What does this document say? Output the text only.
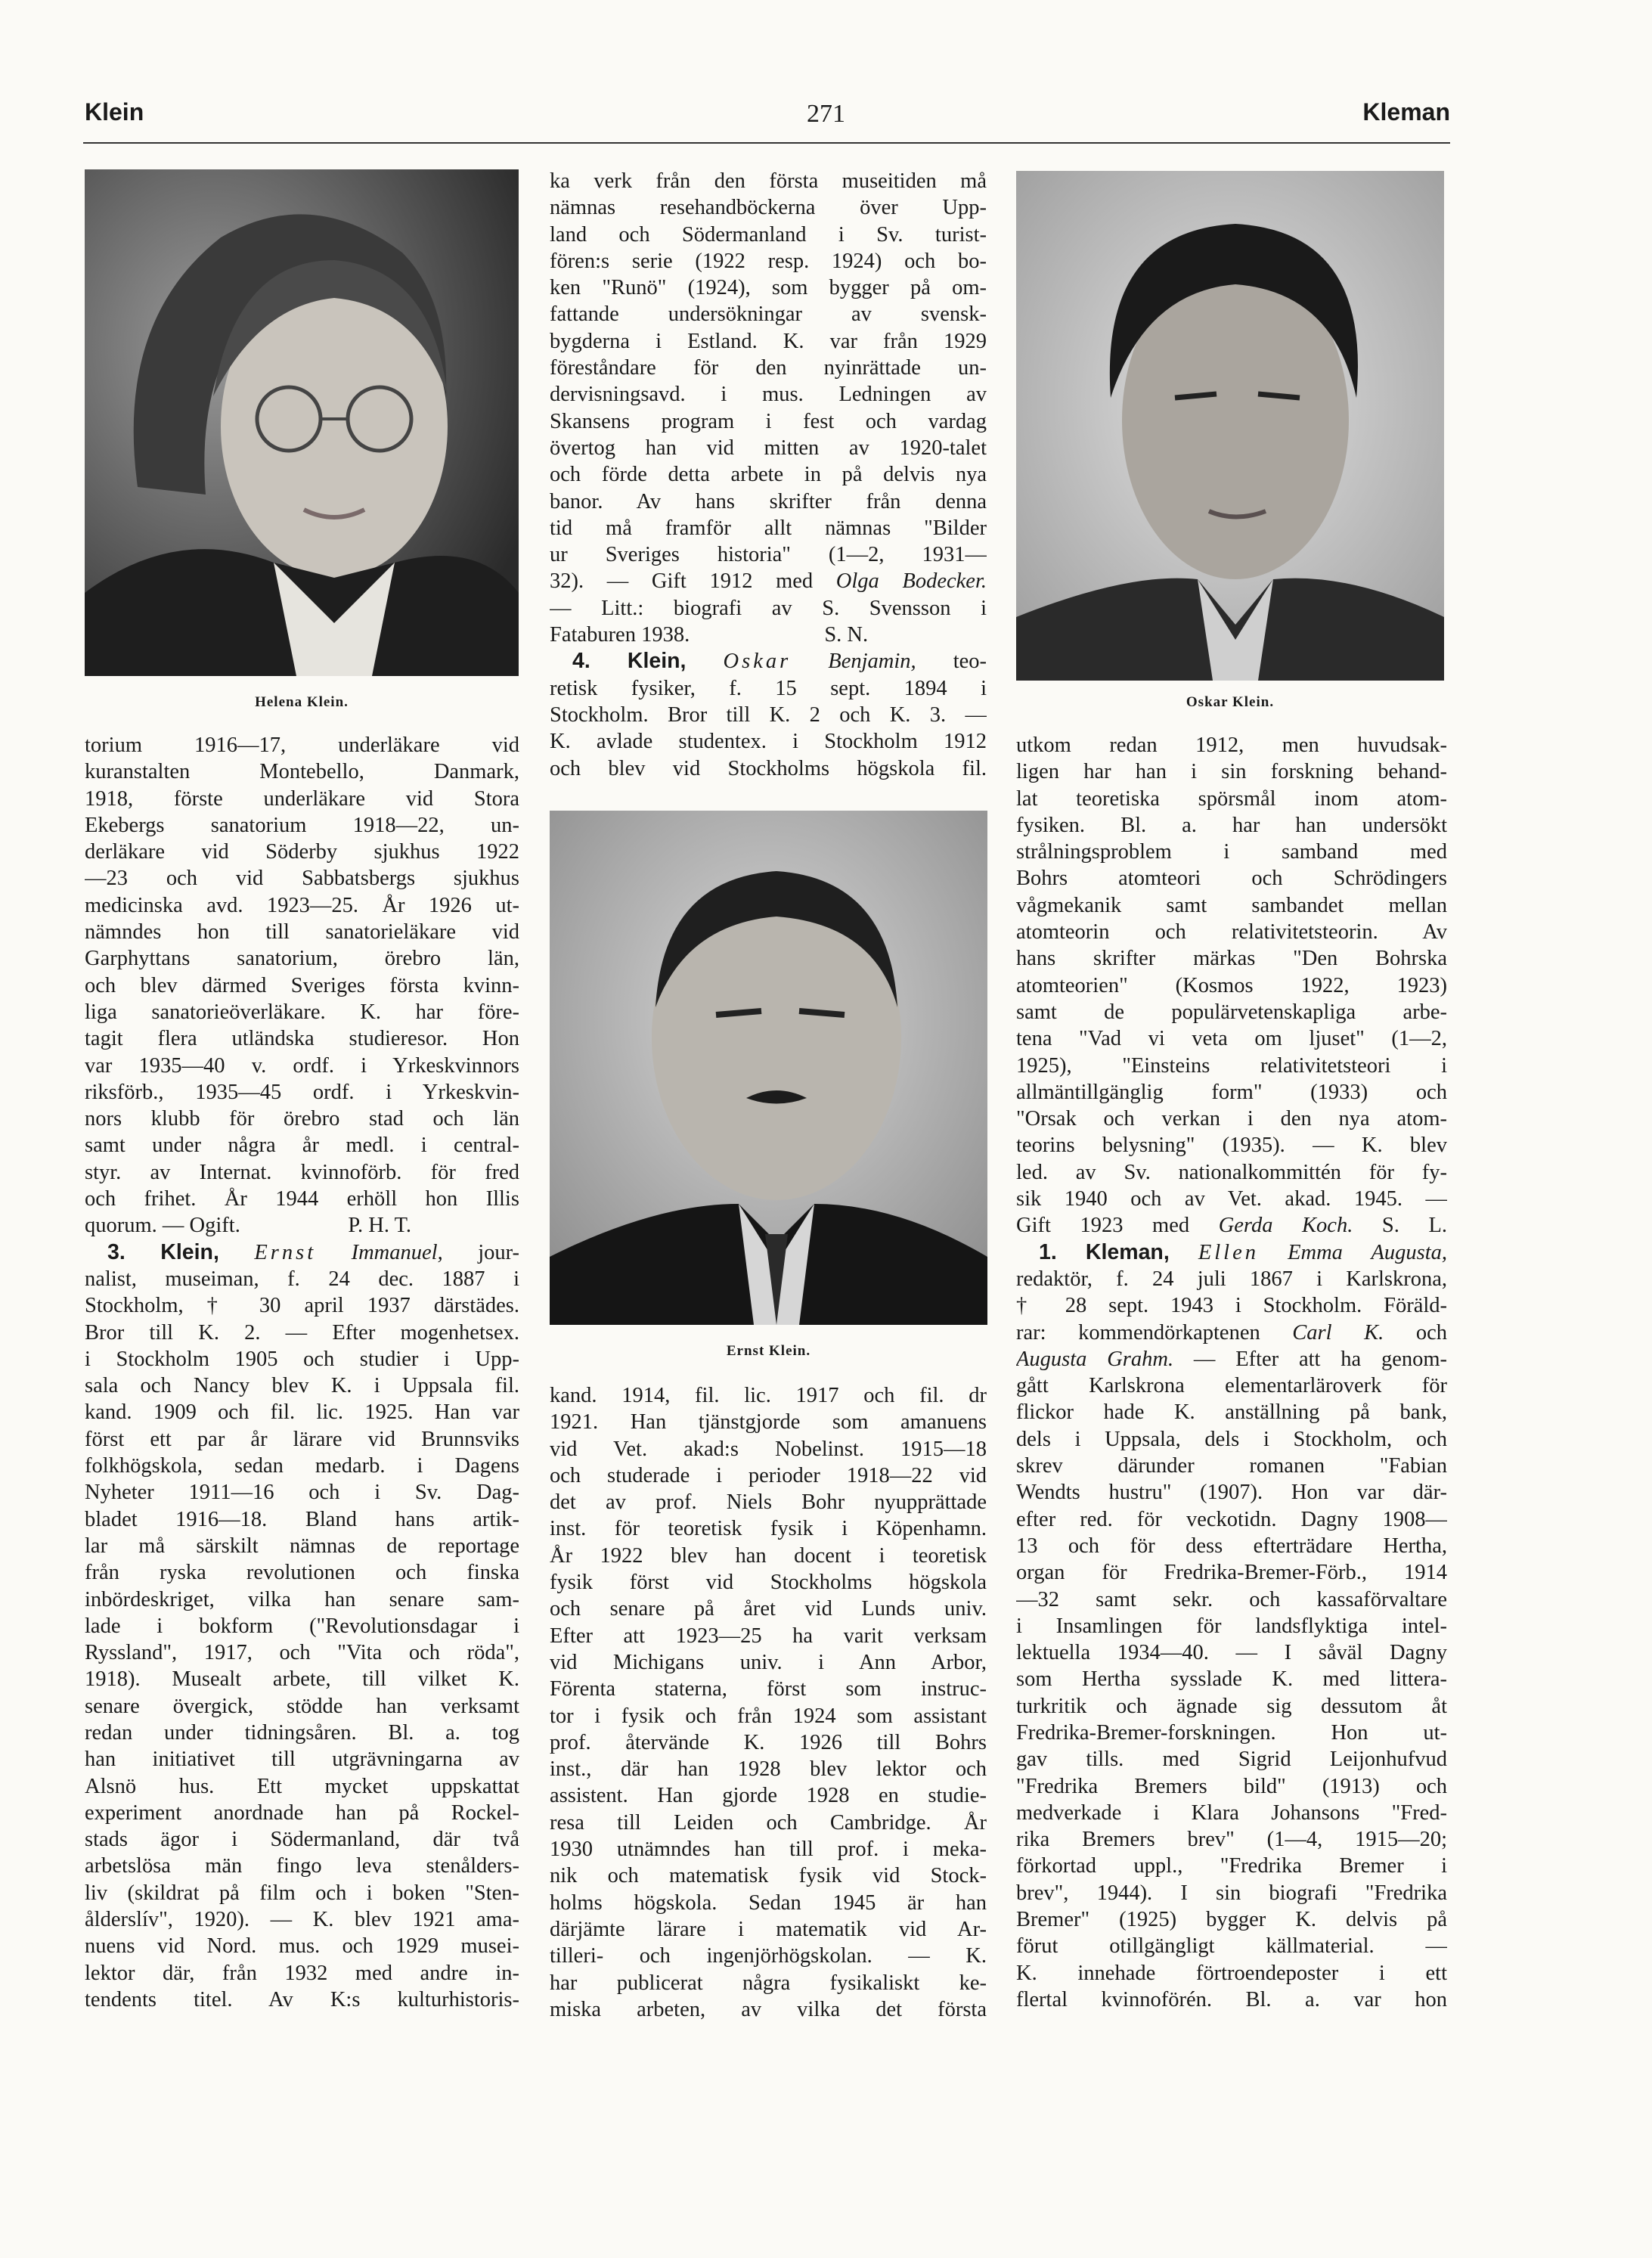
Klein	271	Kleman
Helena Klein.
Ernst Klein.
Oskar Klein.
torium 1916—17, underläkare vid
kuranstalten Montebello, Danmark,
1918, förste underläkare vid Stora
Ekebergs sanatorium 1918—22, un-
derläkare vid Söderby sjukhus 1922
—23 och vid Sabbatsbergs sjukhus
medicinska avd. 1923—25. År 1926 ut-
nämndes hon till sanatorieläkare vid
Garphyttans sanatorium, örebro län,
och blev därmed Sveriges första kvinn-
liga sanatorieöverläkare. K. har före-
tagit flera utländska studieresor. Hon
var 1935—40 v. ordf. i Yrkeskvinnors
riksförb., 1935—45 ordf. i Yrkeskvin-
nors klubb för örebro stad och län
samt under några år medl. i central-
styr. av Internat. kvinnoförb. för fred
och frihet. År 1944 erhöll hon Illis
quorum. — Ogift.                    P. H. T.
3. Klein, Ernst Immanuel, jour-
nalist, museiman, f. 24 dec. 1887 i
Stockholm, † 30 april 1937 därstädes.
Bror till K. 2. — Efter mogenhetsex.
i Stockholm 1905 och studier i Upp-
sala och Nancy blev K. i Uppsala fil.
kand. 1909 och fil. lic. 1925. Han var
först ett par år lärare vid Brunnsviks
folkhögskola, sedan medarb. i Dagens
Nyheter 1911—16 och i Sv. Dag-
bladet 1916—18. Bland hans artik-
lar må särskilt nämnas de reportage
från ryska revolutionen och finska
inbördeskriget, vilka han senare sam-
lade i bokform ("Revolutionsdagar i
Ryssland", 1917, och "Vita och röda",
1918). Musealt arbete, till vilket K.
senare övergick, stödde han verksamt
redan under tidningsåren. Bl. a. tog
han initiativet till utgrävningarna av
Alsnö hus. Ett mycket uppskattat
experiment anordnade han på Rockel-
stads ägor i Södermanland, där två
arbetslösa män fingo leva stenålders-
liv (skildrat på film och i boken "Sten-
ålderslív", 1920). — K. blev 1921 ama-
nuens vid Nord. mus. och 1929 musei-
lektor där, från 1932 med andre in-
tendents titel. Av K:s kulturhistoris-
ka verk från den första museitiden må
nämnas resehandböckerna över Upp-
land och Södermanland i Sv. turist-
fören:s serie (1922 resp. 1924) och bo-
ken "Runö" (1924), som bygger på om-
fattande undersökningar av svensk-
bygderna i Estland. K. var från 1929
föreståndare för den nyinrättade un-
dervisningsavd. i mus. Ledningen av
Skansens program i fest och vardag
övertog han vid mitten av 1920-talet
och förde detta arbete in på delvis nya
banor. Av hans skrifter från denna
tid må framför allt nämnas "Bilder
ur Sveriges historia" (1—2, 1931—
32). — Gift 1912 med Olga Bodecker.
— Litt.: biografi av S. Svensson i
Fataburen 1938.                         S. N.
4. Klein, Oskar Benjamin, teo-
retisk fysiker, f. 15 sept. 1894 i
Stockholm. Bror till K. 2 och K. 3. —
K. avlade studentex. i Stockholm 1912
och blev vid Stockholms högskola fil.
kand. 1914, fil. lic. 1917 och fil. dr
1921. Han tjänstgjorde som amanuens
vid Vet. akad:s Nobelinst. 1915—18
och studerade i perioder 1918—22 vid
det av prof. Niels Bohr nyupprättade
inst. för teoretisk fysik i Köpenhamn.
År 1922 blev han docent i teoretisk
fysik först vid Stockholms högskola
och senare på året vid Lunds univ.
Efter att 1923—25 ha varit verksam
vid Michigans univ. i Ann Arbor,
Förenta staterna, först som instruc-
tor i fysik och från 1924 som assistant
prof. återvände K. 1926 till Bohrs
inst., där han 1928 blev lektor och
assistent. Han gjorde 1928 en studie-
resa till Leiden och Cambridge. År
1930 utnämndes han till prof. i meka-
nik och matematisk fysik vid Stock-
holms högskola. Sedan 1945 är han
därjämte lärare i matematik vid Ar-
tilleri- och ingenjörhögskolan. — K.
har publicerat några fysikaliskt ke-
miska arbeten, av vilka det första
utkom redan 1912, men huvudsak-
ligen har han i sin forskning behand-
lat teoretiska spörsmål inom atom-
fysiken. Bl. a. har han undersökt
strålningsproblem i samband med
Bohrs atomteori och Schrödingers
vågmekanik samt sambandet mellan
atomteorin och relativitetsteorin. Av
hans skrifter märkas "Den Bohrska
atomteorien" (Kosmos 1922, 1923)
samt de populärvetenskapliga arbe-
tena "Vad vi veta om ljuset" (1—2,
1925), "Einsteins relativitetsteori i
allmäntillgänglig form" (1933) och
"Orsak och verkan i den nya atom-
teorins belysning" (1935). — K. blev
led. av Sv. nationalkommittén för fy-
sik 1940 och av Vet. akad. 1945. —
Gift 1923 med Gerda Koch. S. L.
1. Kleman, Ellen Emma Augusta,
redaktör, f. 24 juli 1867 i Karlskrona,
† 28 sept. 1943 i Stockholm. Föräld-
rar: kommendörkaptenen Carl K. och
Augusta Grahm. — Efter att ha genom-
gått Karlskrona elementarläroverk för
flickor hade K. anställning på bank,
dels i Uppsala, dels i Stockholm, och
skrev därunder romanen "Fabian
Wendts hustru" (1907). Hon var där-
efter red. för veckotidn. Dagny 1908—
13 och för dess efterträdare Hertha,
organ för Fredrika-Bremer-Förb., 1914
—32 samt sekr. och kassaförvaltare
i Insamlingen för landsflyktiga intel-
lektuella 1934—40. — I såväl Dagny
som Hertha sysslade K. med littera-
turkritik och ägnade sig dessutom åt
Fredrika-Bremer-forskningen. Hon ut-
gav tills. med Sigrid Leijonhufvud
"Fredrika Bremers bild" (1913) och
medverkade i Klara Johansons "Fred-
rika Bremers brev" (1—4, 1915—20;
förkortad uppl., "Fredrika Bremer i
brev", 1944). I sin biografi "Fredrika
Bremer" (1925) bygger K. delvis på
förut otillgängligt källmaterial. —
K. innehade förtroendeposter i ett
flertal kvinnoförén. Bl. a. var hon
